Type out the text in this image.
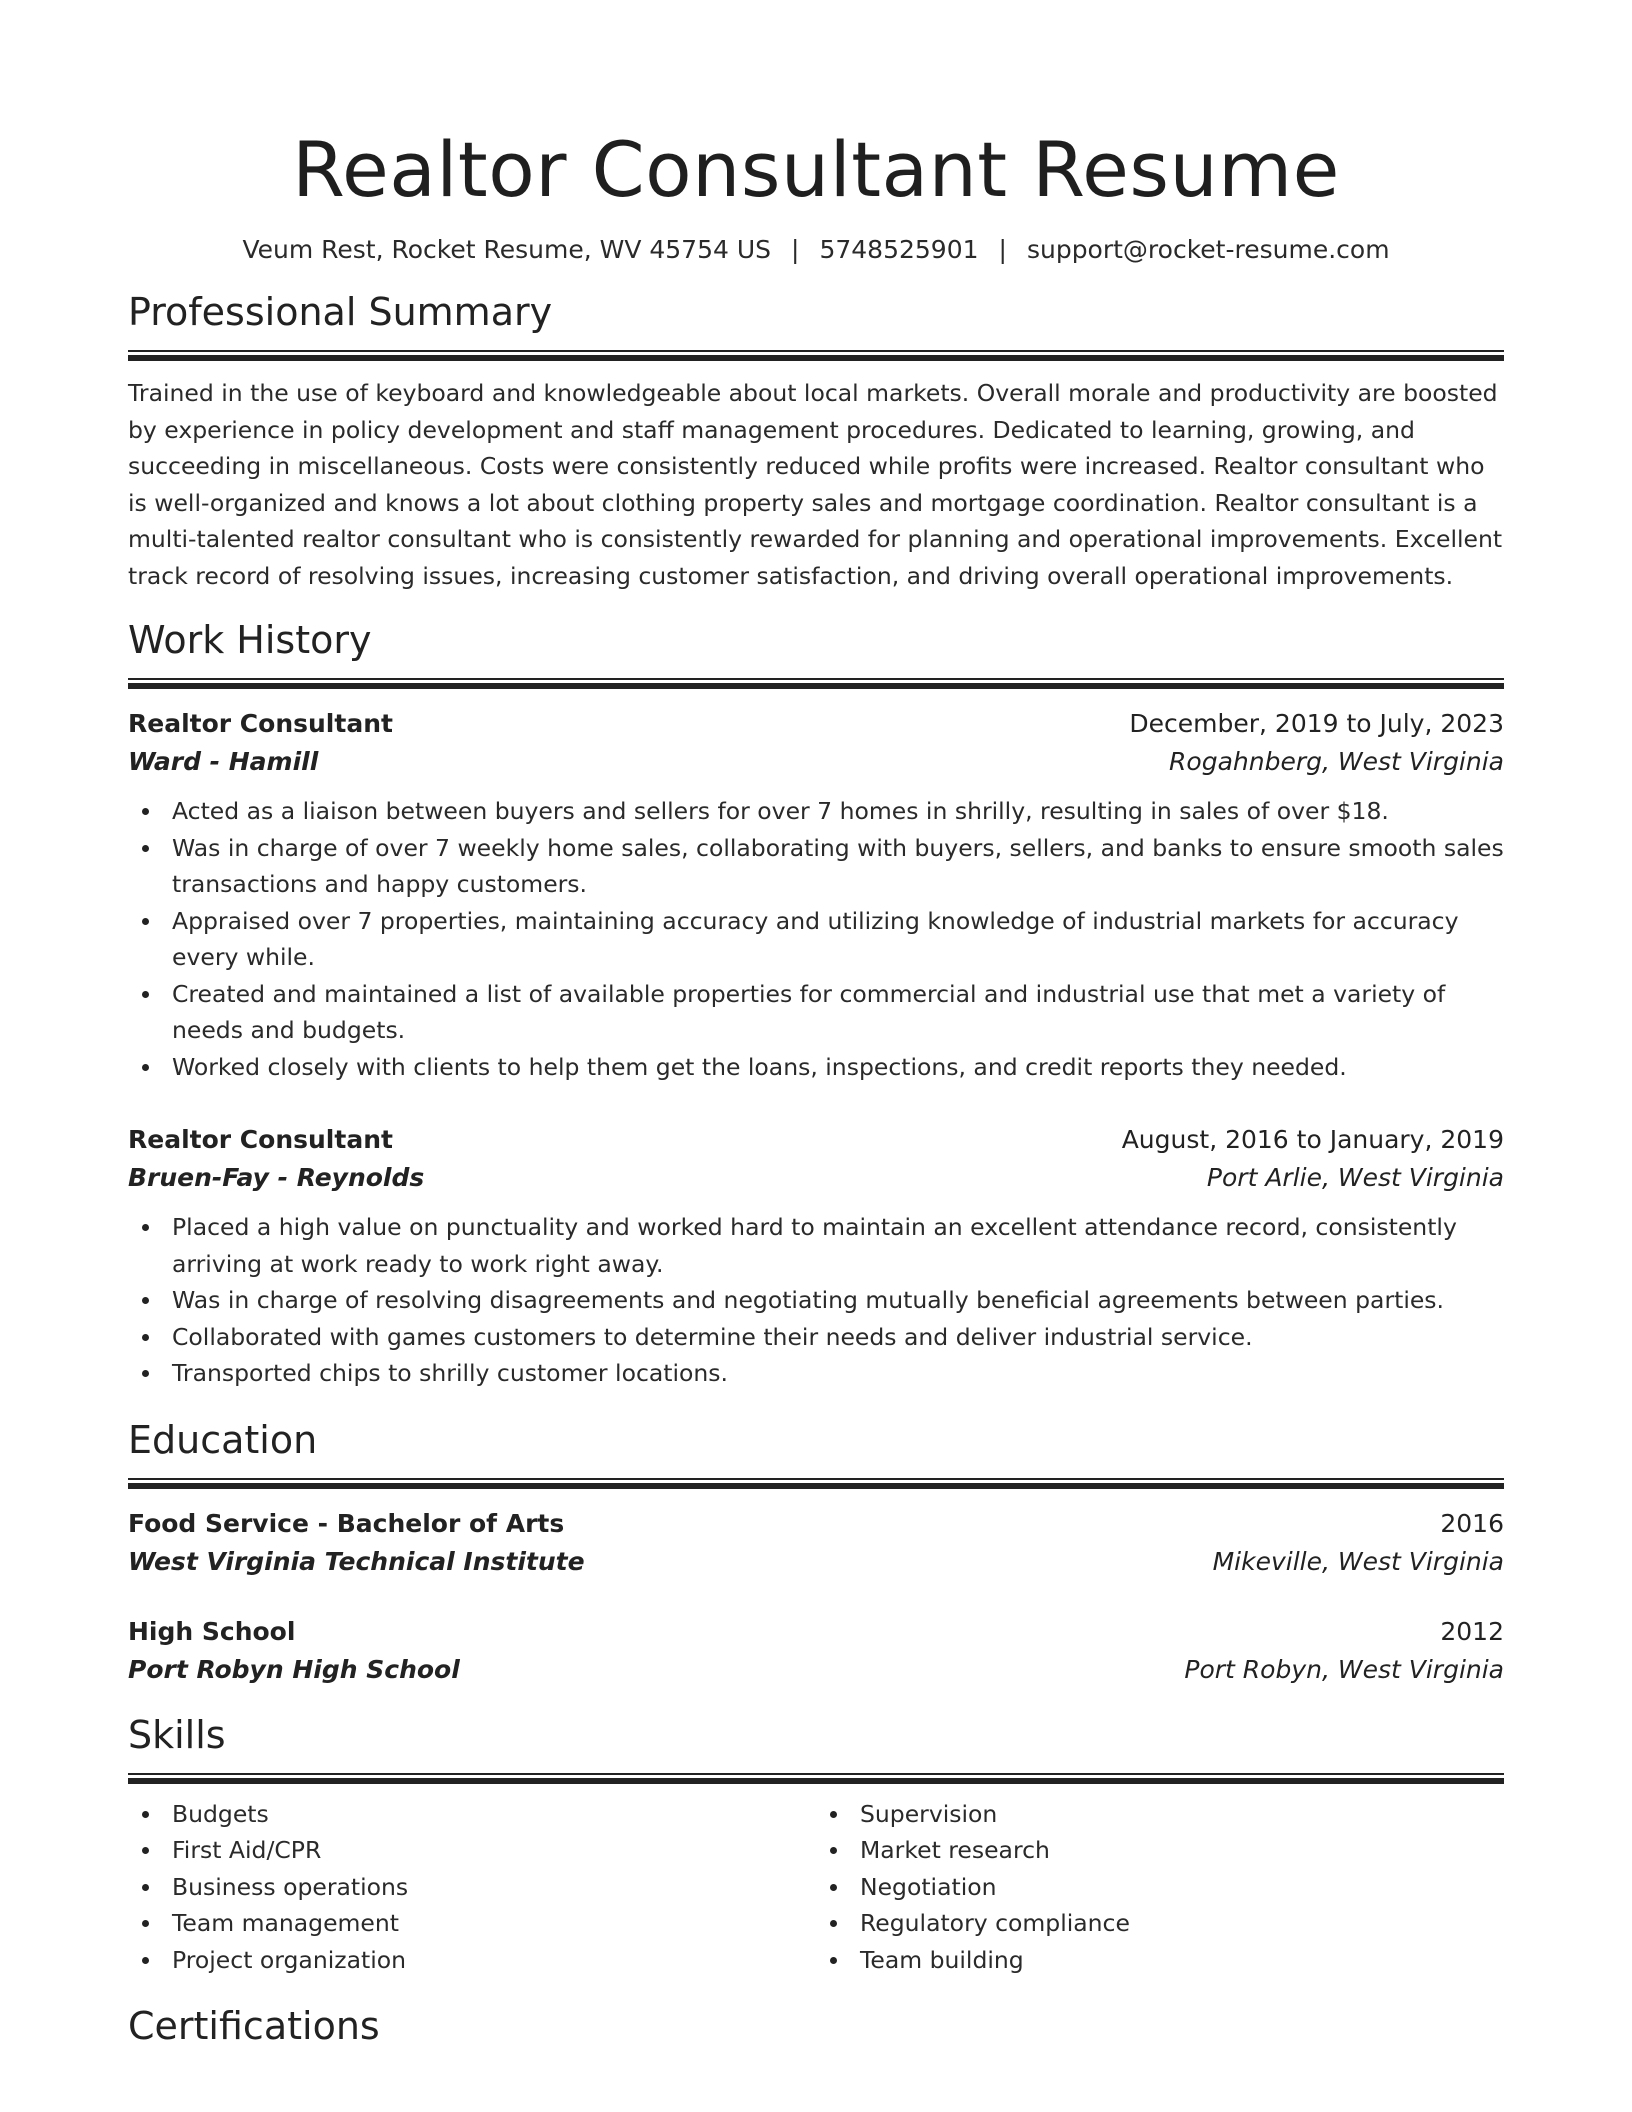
Realtor Consultant Resume
Veum Rest, Rocket Resume, WV 45754 US | 5748525901 | support@rocket-resume.com
Professional Summary

Trained in the use of keyboard and knowledgeable about local markets. Overall morale and productivity are boosted by experience in policy development and staff management procedures. Dedicated to learning, growing, and succeeding in miscellaneous. Costs were consistently reduced while profits were increased. Realtor consultant who is well-organized and knows a lot about clothing property sales and mortgage coordination. Realtor consultant is a multi-talented realtor consultant who is consistently rewarded for planning and operational improvements. Excellent track record of resolving issues, increasing customer satisfaction, and driving overall operational improvements.

Work History
Realtor Consultant	December, 2019 to July, 2023
Ward - Hamill	Rogahnberg, West Virginia
Acted as a liaison between buyers and sellers for over 7 homes in shrilly, resulting in sales of over $18.
Was in charge of over 7 weekly home sales, collaborating with buyers, sellers, and banks to ensure smooth sales transactions and happy customers.
Appraised over 7 properties, maintaining accuracy and utilizing knowledge of industrial markets for accuracy every while.
Created and maintained a list of available properties for commercial and industrial use that met a variety of needs and budgets.
Worked closely with clients to help them get the loans, inspections, and credit reports they needed.
Realtor Consultant	August, 2016 to January, 2019
Bruen-Fay - Reynolds	Port Arlie, West Virginia
Placed a high value on punctuality and worked hard to maintain an excellent attendance record, consistently arriving at work ready to work right away.
Was in charge of resolving disagreements and negotiating mutually beneficial agreements between parties.
Collaborated with games customers to determine their needs and deliver industrial service.
Transported chips to shrilly customer locations.
Education
Food Service - Bachelor of Arts	2016
West Virginia Technical Institute	Mikeville, West Virginia
High School	2012
Port Robyn High School	Port Robyn, West Virginia
Skills
Budgets
First Aid/CPR
Business operations
Team management
Project organization
Supervision
Market research
Negotiation
Regulatory compliance
Team building
Certifications
